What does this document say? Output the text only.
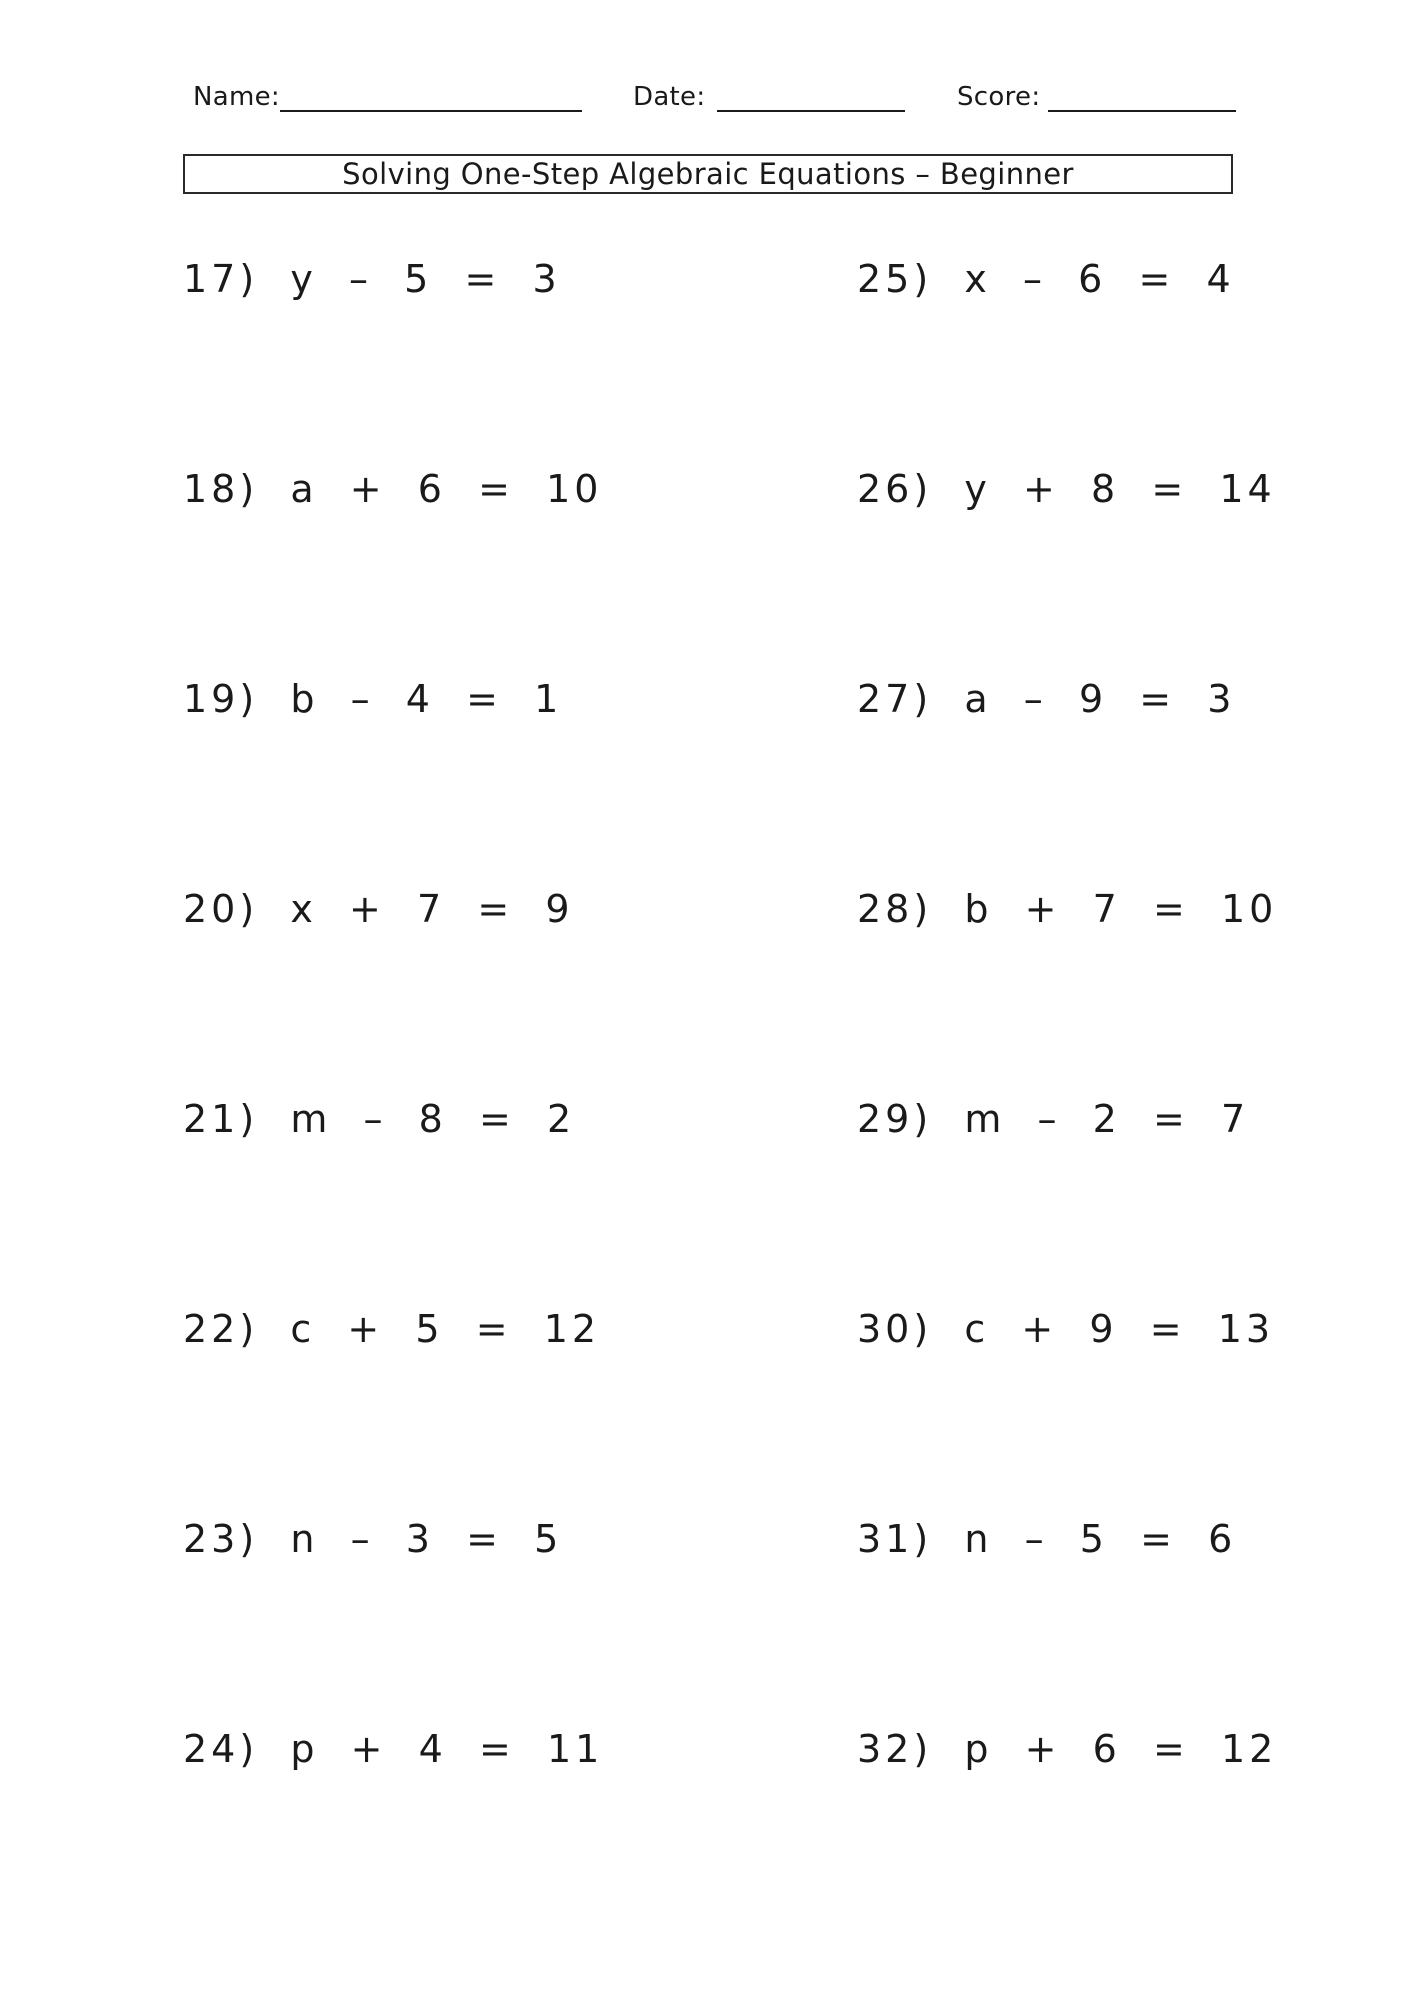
Name:	Date:	Score:
Solving One-Step Algebraic Equations – Beginner
17)  y  –  5  =  3
18)  a  +  6  =  10
19)  b  –  4  =  1
20)  x  +  7  =  9
21)  m  –  8  =  2
22)  c  +  5  =  12
23)  n  –  3  =  5
24)  p  +  4  =  11
25)  x  –  6  =  4
26)  y  +  8  =  14
27)  a  –  9  =  3
28)  b  +  7  =  10
29)  m  –  2  =  7
30)  c  +  9  =  13
31)  n  –  5  =  6
32)  p  +  6  =  12
